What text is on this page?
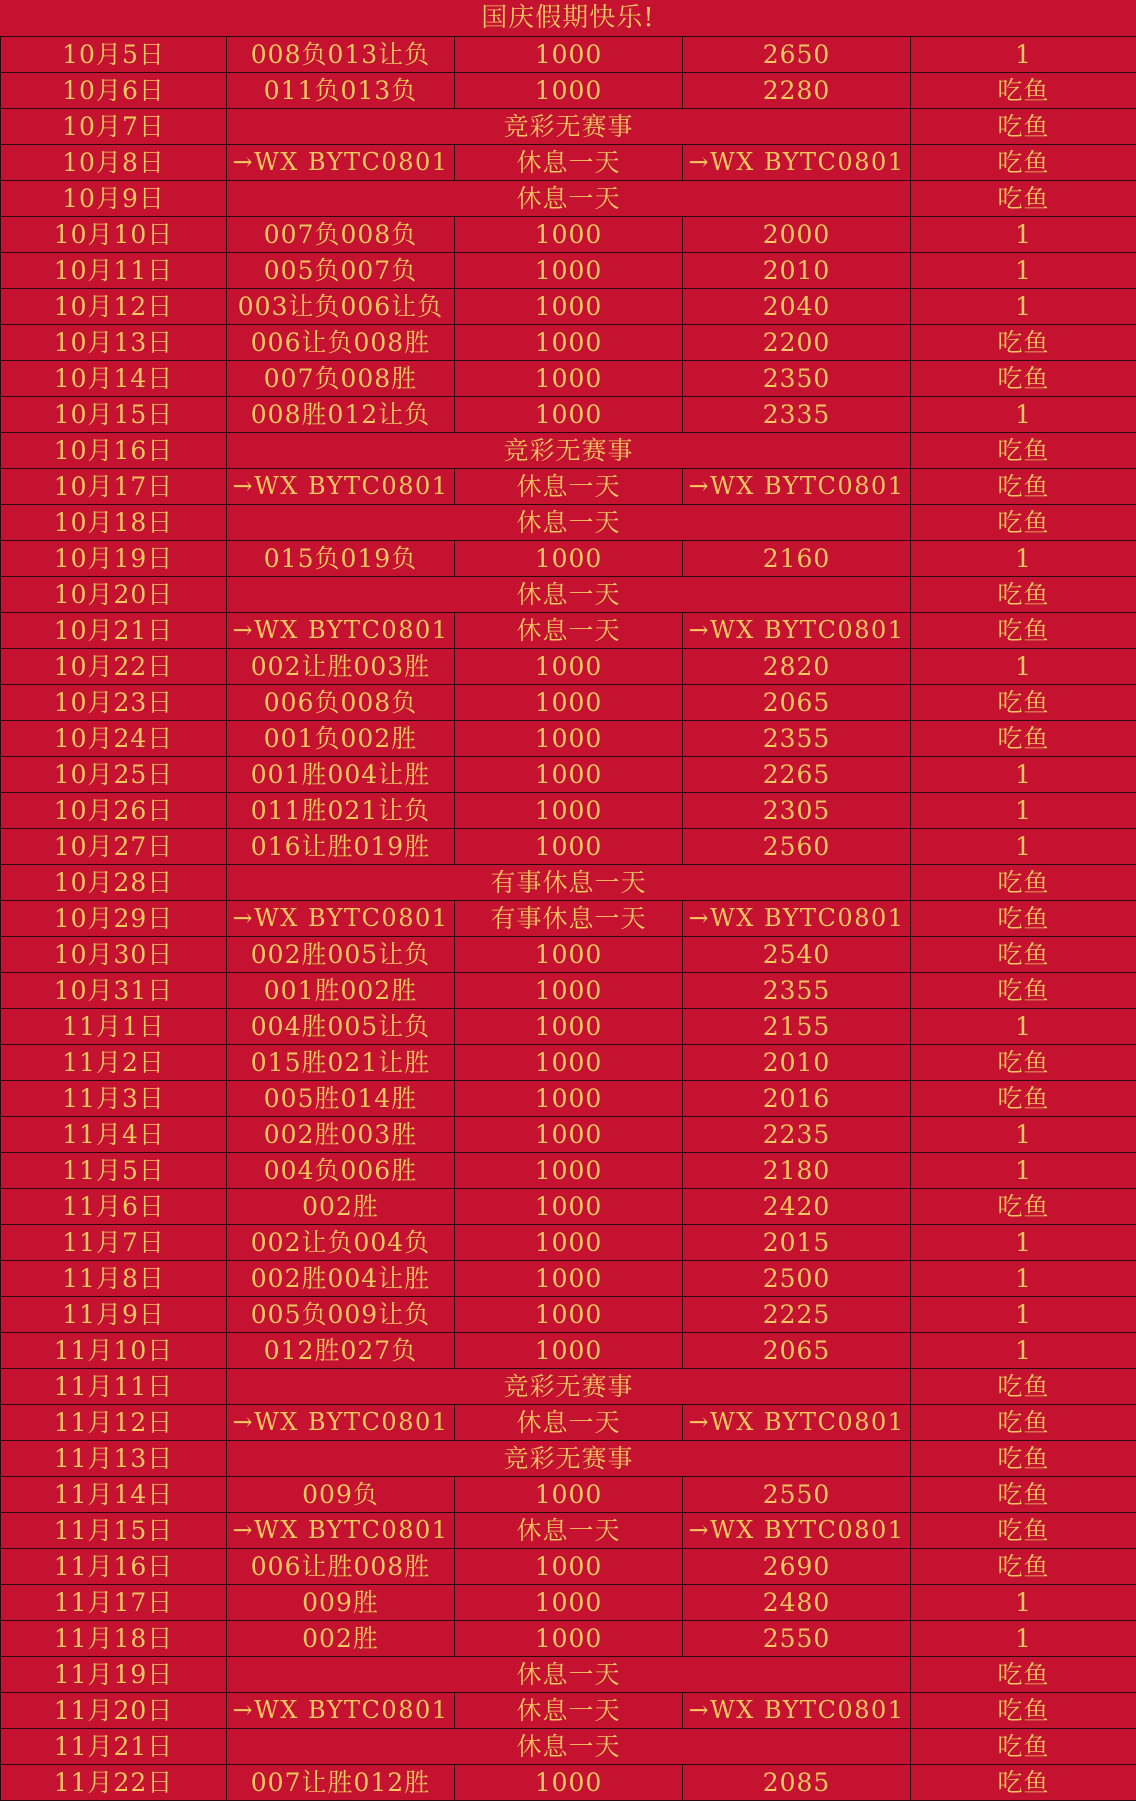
国庆假期快乐!
10月5日	008负013让负	1000	2650	1
10月6日	011负013负	1000	2280	吃鱼
10月7日	竞彩无赛事			吃鱼
10月8日	→WX BYTC0801	休息一天	→WX BYTC0801	吃鱼
10月9日	休息一天			吃鱼
10月10日	007负008负	1000	2000	1
10月11日	005负007负	1000	2010	1
10月12日	003让负006让负	1000	2040	1
10月13日	006让负008胜	1000	2200	吃鱼
10月14日	007负008胜	1000	2350	吃鱼
10月15日	008胜012让负	1000	2335	1
10月16日	竞彩无赛事			吃鱼
10月17日	→WX BYTC0801	休息一天	→WX BYTC0801	吃鱼
10月18日	休息一天			吃鱼
10月19日	015负019负	1000	2160	1
10月20日	休息一天			吃鱼
10月21日	→WX BYTC0801	休息一天	→WX BYTC0801	吃鱼
10月22日	002让胜003胜	1000	2820	1
10月23日	006负008负	1000	2065	吃鱼
10月24日	001负002胜	1000	2355	吃鱼
10月25日	001胜004让胜	1000	2265	1
10月26日	011胜021让负	1000	2305	1
10月27日	016让胜019胜	1000	2560	1
10月28日	有事休息一天			吃鱼
10月29日	→WX BYTC0801	有事休息一天	→WX BYTC0801	吃鱼
10月30日	002胜005让负	1000	2540	吃鱼
10月31日	001胜002胜	1000	2355	吃鱼
11月1日	004胜005让负	1000	2155	1
11月2日	015胜021让胜	1000	2010	吃鱼
11月3日	005胜014胜	1000	2016	吃鱼
11月4日	002胜003胜	1000	2235	1
11月5日	004负006胜	1000	2180	1
11月6日	002胜	1000	2420	吃鱼
11月7日	002让负004负	1000	2015	1
11月8日	002胜004让胜	1000	2500	1
11月9日	005负009让负	1000	2225	1
11月10日	012胜027负	1000	2065	1
11月11日	竞彩无赛事			吃鱼
11月12日	→WX BYTC0801	休息一天	→WX BYTC0801	吃鱼
11月13日	竞彩无赛事			吃鱼
11月14日	009负	1000	2550	吃鱼
11月15日	→WX BYTC0801	休息一天	→WX BYTC0801	吃鱼
11月16日	006让胜008胜	1000	2690	吃鱼
11月17日	009胜	1000	2480	1
11月18日	002胜	1000	2550	1
11月19日	休息一天			吃鱼
11月20日	→WX BYTC0801	休息一天	→WX BYTC0801	吃鱼
11月21日	休息一天			吃鱼
11月22日	007让胜012胜	1000	2085	吃鱼
